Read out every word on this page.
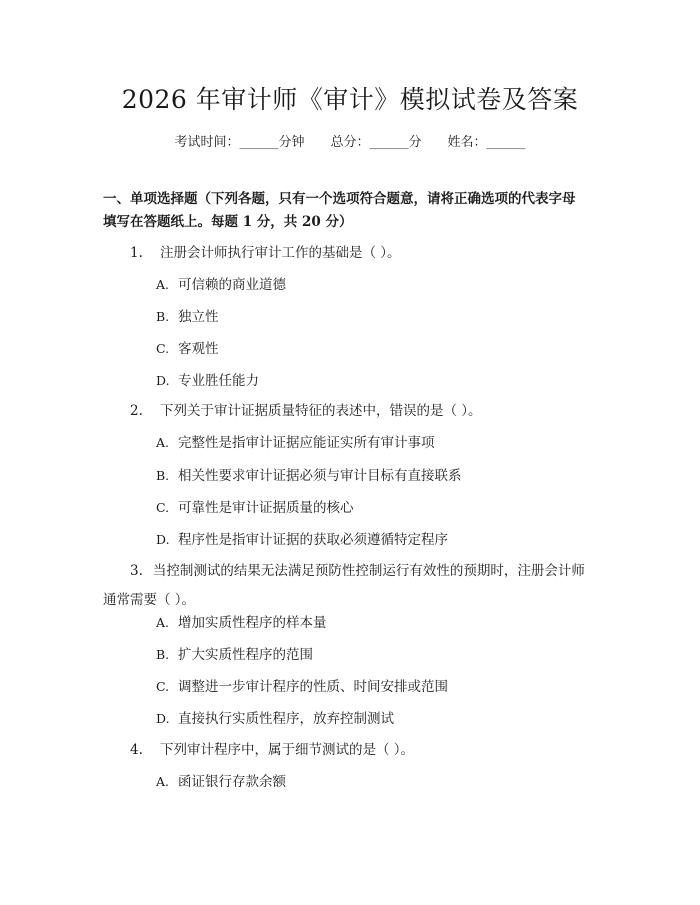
2026 年审计师《审计》模拟试卷及答案
考试时间：______分钟 总分：______分 姓名：______
一、单项选择题（下列各题，只有一个选项符合题意，请将正确选项的代表字母
填写在答题纸上。每题 1 分，共 20 分）
1. 注册会计师执行审计工作的基础是（ ）。
A. 可信赖的商业道德
B. 独立性
C. 客观性
D. 专业胜任能力
2. 下列关于审计证据质量特征的表述中，错误的是（ ）。
A. 完整性是指审计证据应能证实所有审计事项
B. 相关性要求审计证据必须与审计目标有直接联系
C. 可靠性是审计证据质量的核心
D. 程序性是指审计证据的获取必须遵循特定程序
3. 当控制测试的结果无法满足预防性控制运行有效性的预期时，注册会计师
通常需要（ ）。
A. 增加实质性程序的样本量
B. 扩大实质性程序的范围
C. 调整进一步审计程序的性质、时间安排或范围
D. 直接执行实质性程序，放弃控制测试
4. 下列审计程序中，属于细节测试的是（ ）。
A. 函证银行存款余额
